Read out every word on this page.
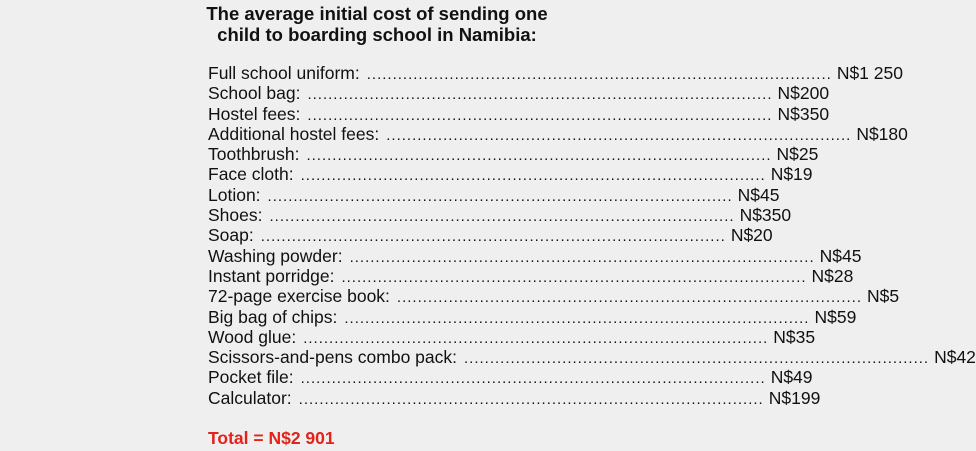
The average initial cost of sending one child to boarding school in Namibia:
Full school uniform: .......................................................................................... N$1 250
School bag: .......................................................................................... N$200
Hostel fees: .......................................................................................... N$350
Additional hostel fees: .......................................................................................... N$180
Toothbrush: .......................................................................................... N$25
Face cloth: .......................................................................................... N$19
Lotion: .......................................................................................... N$45
Shoes: .......................................................................................... N$350
Soap: .......................................................................................... N$20
Washing powder: .......................................................................................... N$45
Instant porridge: .......................................................................................... N$28
72-page exercise book: .......................................................................................... N$5
Big bag of chips: .......................................................................................... N$59
Wood glue: .......................................................................................... N$35
Scissors-and-pens combo pack: .......................................................................................... N$42
Pocket file: .......................................................................................... N$49
Calculator: .......................................................................................... N$199
Total = N$2 901
